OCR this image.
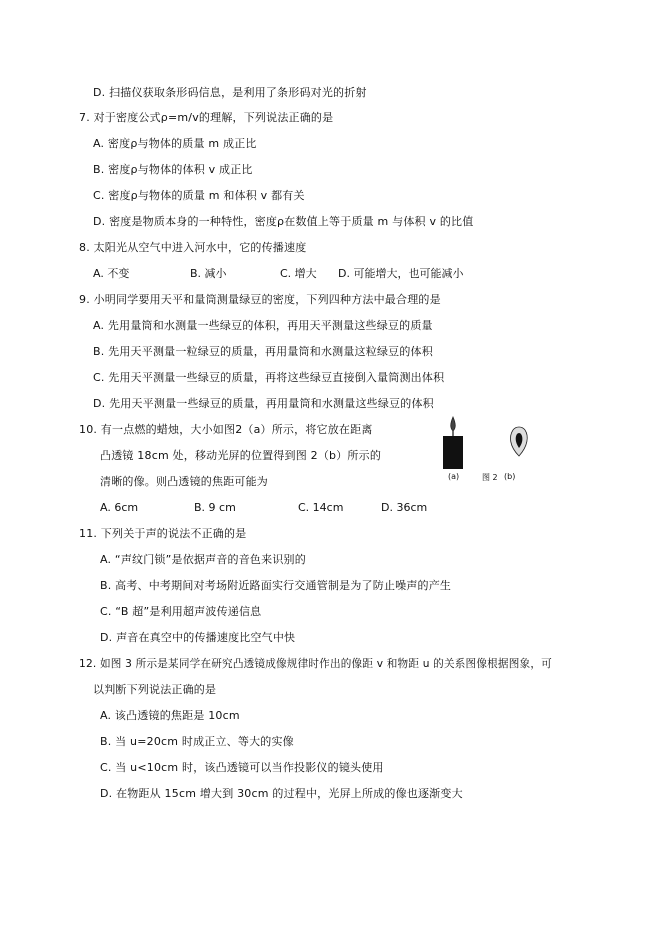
D. 扫描仪获取条形码信息，是利用了条形码对光的折射
7. 对于密度公式ρ=m/v的理解，下列说法正确的是
A. 密度ρ与物体的质量 m 成正比
B. 密度ρ与物体的体积 v 成正比
C. 密度ρ与物体的质量 m 和体积 v 都有关
D. 密度是物质本身的一种特性，密度ρ在数值上等于质量 m 与体积 v 的比值
8. 太阳光从空气中进入河水中，它的传播速度
A. 不变	B. 减小	C. 增大 D. 可能增大，也可能减小
9. 小明同学要用天平和量筒测量绿豆的密度，下列四种方法中最合理的是
A. 先用量筒和水测量一些绿豆的体积，再用天平测量这些绿豆的质量
B. 先用天平测量一粒绿豆的质量，再用量筒和水测量这粒绿豆的体积
C. 先用天平测量一些绿豆的质量，再将这些绿豆直接倒入量筒测出体积
D. 先用天平测量一些绿豆的质量，再用量筒和水测量这些绿豆的体积
10. 有一点燃的蜡烛，大小如图2（a）所示，将它放在距离
凸透镜 18cm 处，移动光屏的位置得到图 2（b）所示的
清晰的像。则凸透镜的焦距可能为
A. 6cm	B. 9 cm	C. 14cm	D. 36cm
(a)	图 2 (b)
11. 下列关于声的说法不正确的是
A. “声纹门锁”是依据声音的音色来识别的
B. 高考、中考期间对考场附近路面实行交通管制是为了防止噪声的产生
C. “B 超”是利用超声波传递信息
D. 声音在真空中的传播速度比空气中快
12. 如图 3 所示是某同学在研究凸透镜成像规律时作出的像距 v 和物距 u 的关系图像根据图象，可
以判断下列说法正确的是
A. 该凸透镜的焦距是 10cm
B. 当 u=20cm 时成正立、等大的实像
C. 当 u<10cm 时，该凸透镜可以当作投影仪的镜头使用
D. 在物距从 15cm 增大到 30cm 的过程中，光屏上所成的像也逐渐变大
